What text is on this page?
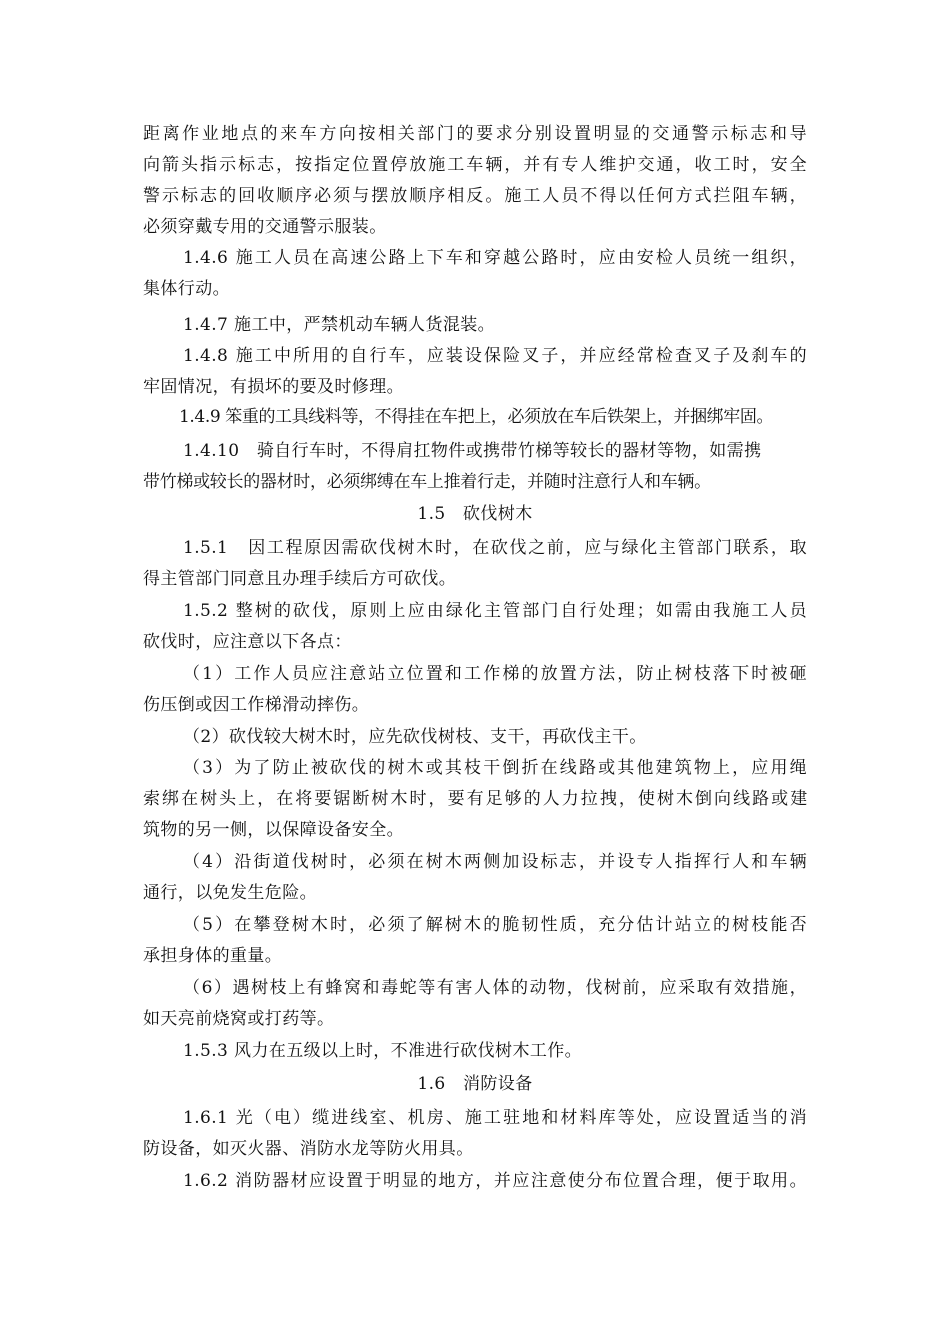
距离作业地点的来车方向按相关部门的要求分别设置明显的交通警示标志和导
向箭头指示标志，按指定位置停放施工车辆，并有专人维护交通，收工时，安全
警示标志的回收顺序必须与摆放顺序相反。施工人员不得以任何方式拦阻车辆，
必须穿戴专用的交通警示服装。
1.4.6 施工人员在高速公路上下车和穿越公路时，应由安检人员统一组织，
集体行动。
1.4.7 施工中，严禁机动车辆人货混装。
1.4.8 施工中所用的自行车，应装设保险叉子，并应经常检查叉子及刹车的
牢固情况，有损坏的要及时修理。
1.4.9 笨重的工具线料等，不得挂在车把上，必须放在车后铁架上，并捆绑牢固。
1.4.10　骑自行车时，不得肩扛物件或携带竹梯等较长的器材等物，如需携
带竹梯或较长的器材时，必须绑缚在车上推着行走，并随时注意行人和车辆。
1.5　砍伐树木
1.5.1　因工程原因需砍伐树木时，在砍伐之前，应与绿化主管部门联系，取
得主管部门同意且办理手续后方可砍伐。
1.5.2 整树的砍伐，原则上应由绿化主管部门自行处理；如需由我施工人员
砍伐时，应注意以下各点：
（1）工作人员应注意站立位置和工作梯的放置方法，防止树枝落下时被砸
伤压倒或因工作梯滑动摔伤。
（2）砍伐较大树木时，应先砍伐树枝、支干，再砍伐主干。
（3）为了防止被砍伐的树木或其枝干倒折在线路或其他建筑物上，应用绳
索绑在树头上，在将要锯断树木时，要有足够的人力拉拽，使树木倒向线路或建
筑物的另一侧，以保障设备安全。
（4）沿街道伐树时，必须在树木两侧加设标志，并设专人指挥行人和车辆
通行，以免发生危险。
（5）在攀登树木时，必须了解树木的脆韧性质，充分估计站立的树枝能否
承担身体的重量。
（6）遇树枝上有蜂窝和毒蛇等有害人体的动物，伐树前，应采取有效措施，
如天亮前烧窝或打药等。
1.5.3 风力在五级以上时，不准进行砍伐树木工作。
1.6　消防设备
1.6.1 光（电）缆进线室、机房、施工驻地和材料库等处，应设置适当的消
防设备，如灭火器、消防水龙等防火用具。
1.6.2 消防器材应设置于明显的地方，并应注意使分布位置合理，便于取用。
